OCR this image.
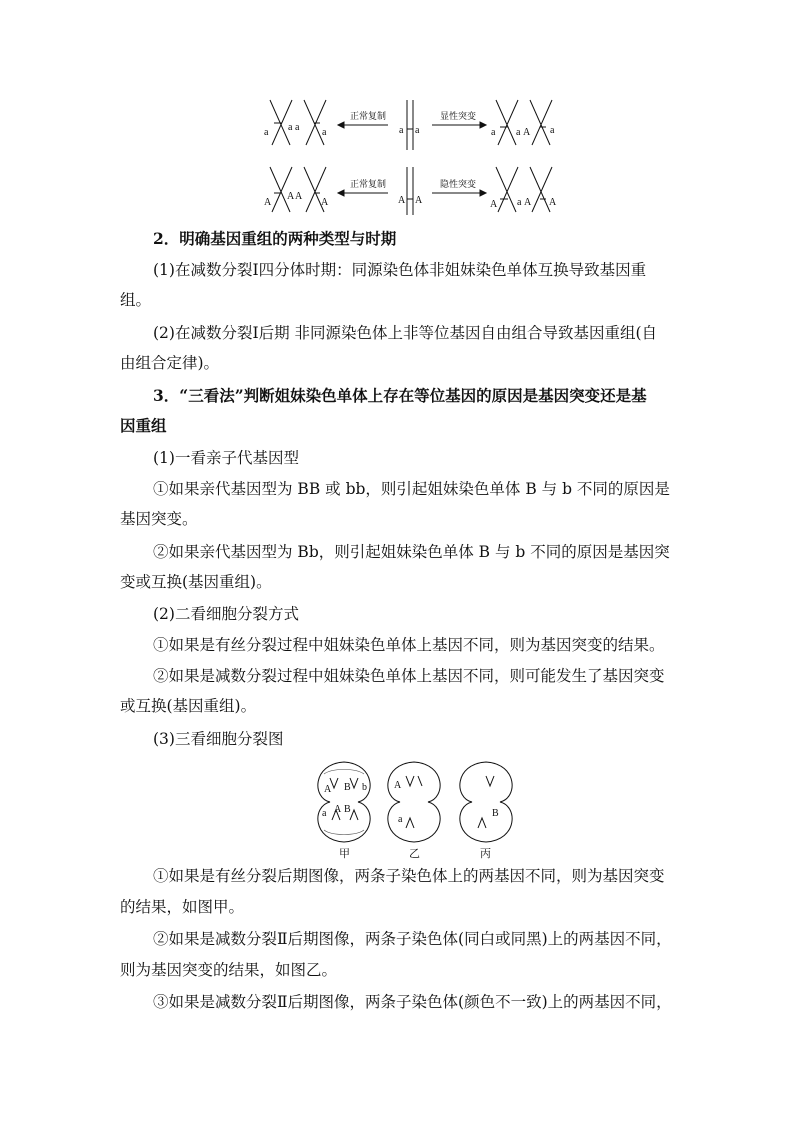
a a a a
正常复制
a a
显性突变
a a A a
A
A A
A
正常复制
A A
隐性突变
A a A A

2．明确基因重组的两种类型与时期

(1)在减数分裂Ⅰ四分体时期：同源染色体非姐妹染色单体互换导致基因重

组。

(2)在减数分裂Ⅰ后期 非同源染色体上非等位基因自由组合导致基因重组(自

由组合定律)。

3．“三看法”判断姐妹染色单体上存在等位基因的原因是基因突变还是基

因重组

(1)一看亲子代基因型

①如果亲代基因型为 BB 或 bb，则引起姐妹染色单体 B 与 b 不同的原因是

基因突变。

②如果亲代基因型为 Bb，则引起姐妹染色单体 B 与 b 不同的原因是基因突

变或互换(基因重组)。

(2)二看细胞分裂方式

①如果是有丝分裂过程中姐妹染色单体上基因不同，则为基因突变的结果。

②如果是减数分裂过程中姐妹染色单体上基因不同，则可能发生了基因突变

或互换(基因重组)。

(3)三看细胞分裂图

A B b
a A B
甲
A
a
乙
B
丙

①如果是有丝分裂后期图像，两条子染色体上的两基因不同，则为基因突变

的结果，如图甲。

②如果是减数分裂Ⅱ后期图像，两条子染色体(同白或同黑)上的两基因不同，

则为基因突变的结果，如图乙。

③如果是减数分裂Ⅱ后期图像，两条子染色体(颜色不一致)上的两基因不同，
